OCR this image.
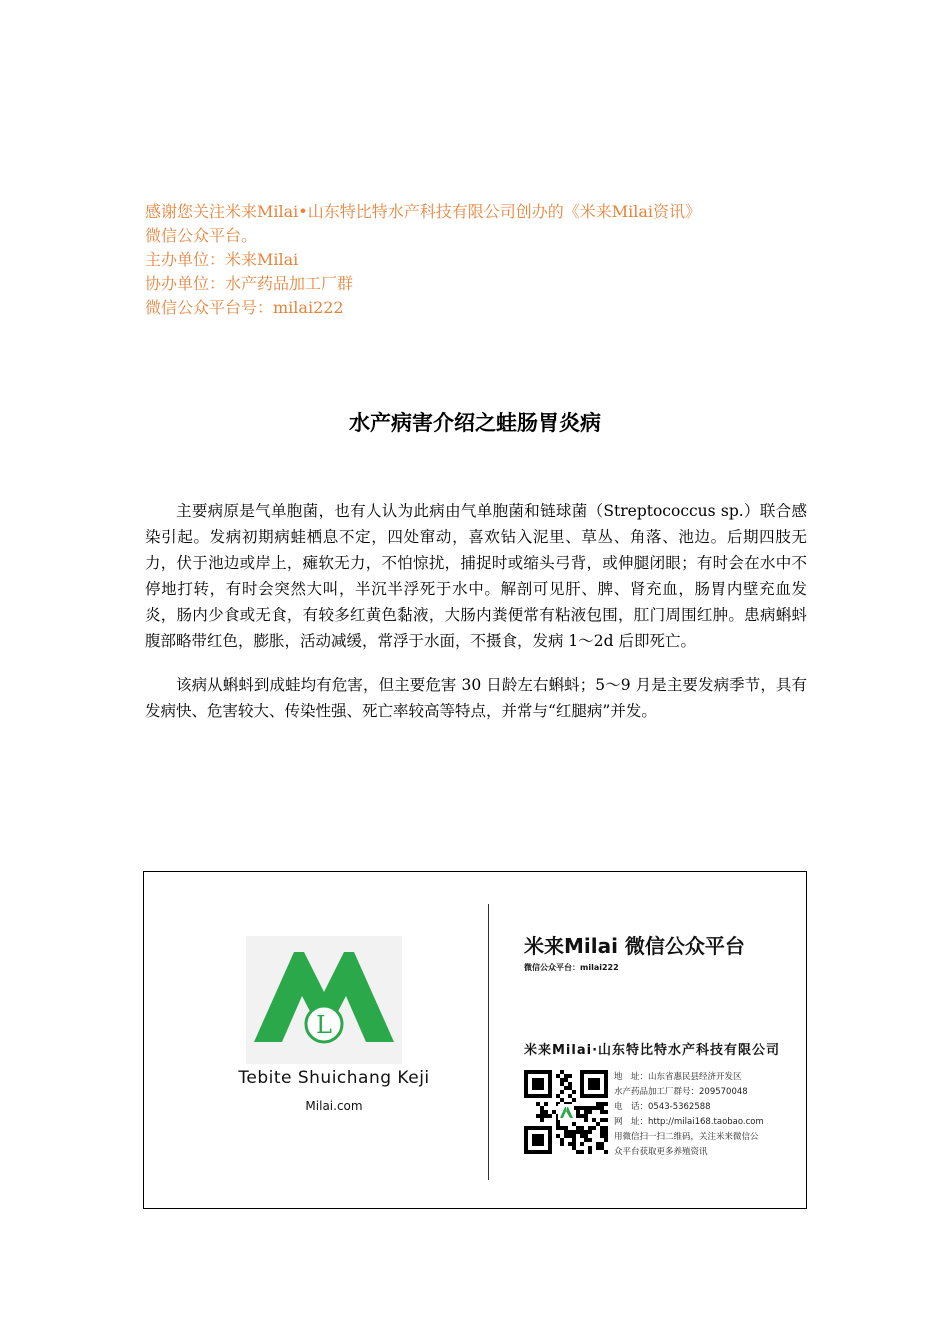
感谢您关注米来Milai•山东特比特水产科技有限公司创办的《米来Milai资讯》

微信公众平台。

主办单位：米来Milai

协办单位：水产药品加工厂群

微信公众平台号：milai222

水产病害介绍之蛙肠胃炎病

主要病原是气单胞菌，也有人认为此病由气单胞菌和链球菌（Streptococcus sp.）联合感染引起。发病初期病蛙栖息不定，四处窜动，喜欢钻入泥里、草丛、角落、池边。后期四肢无力，伏于池边或岸上，瘫软无力，不怕惊扰，捕捉时或缩头弓背，或伸腿闭眼；有时会在水中不停地打转，有时会突然大叫，半沉半浮死于水中。解剖可见肝、脾、肾充血，肠胃内壁充血发炎，肠内少食或无食，有较多红黄色黏液，大肠内粪便常有粘液包围，肛门周围红肿。患病蝌蚪腹部略带红色，膨胀，活动减缓，常浮于水面，不摄食，发病 1～2d 后即死亡。

该病从蝌蚪到成蛙均有危害，但主要危害 30 日龄左右蝌蚪；5～9 月是主要发病季节，具有发病快、危害较大、传染性强、死亡率较高等特点，并常与“红腿病”并发。

L
Tebite Shuichang Keji
Milai.com
米来Milai 微信公众平台
微信公众平台：milai222
米来Milai·山东特比特水产科技有限公司
地　址：山东省惠民县经济开发区
水产药品加工厂群号：209570048
电　话：0543-5362588
网　址：http://milai168.taobao.com
用微信扫一扫二维码，关注米来微信公
众平台获取更多养殖资讯
